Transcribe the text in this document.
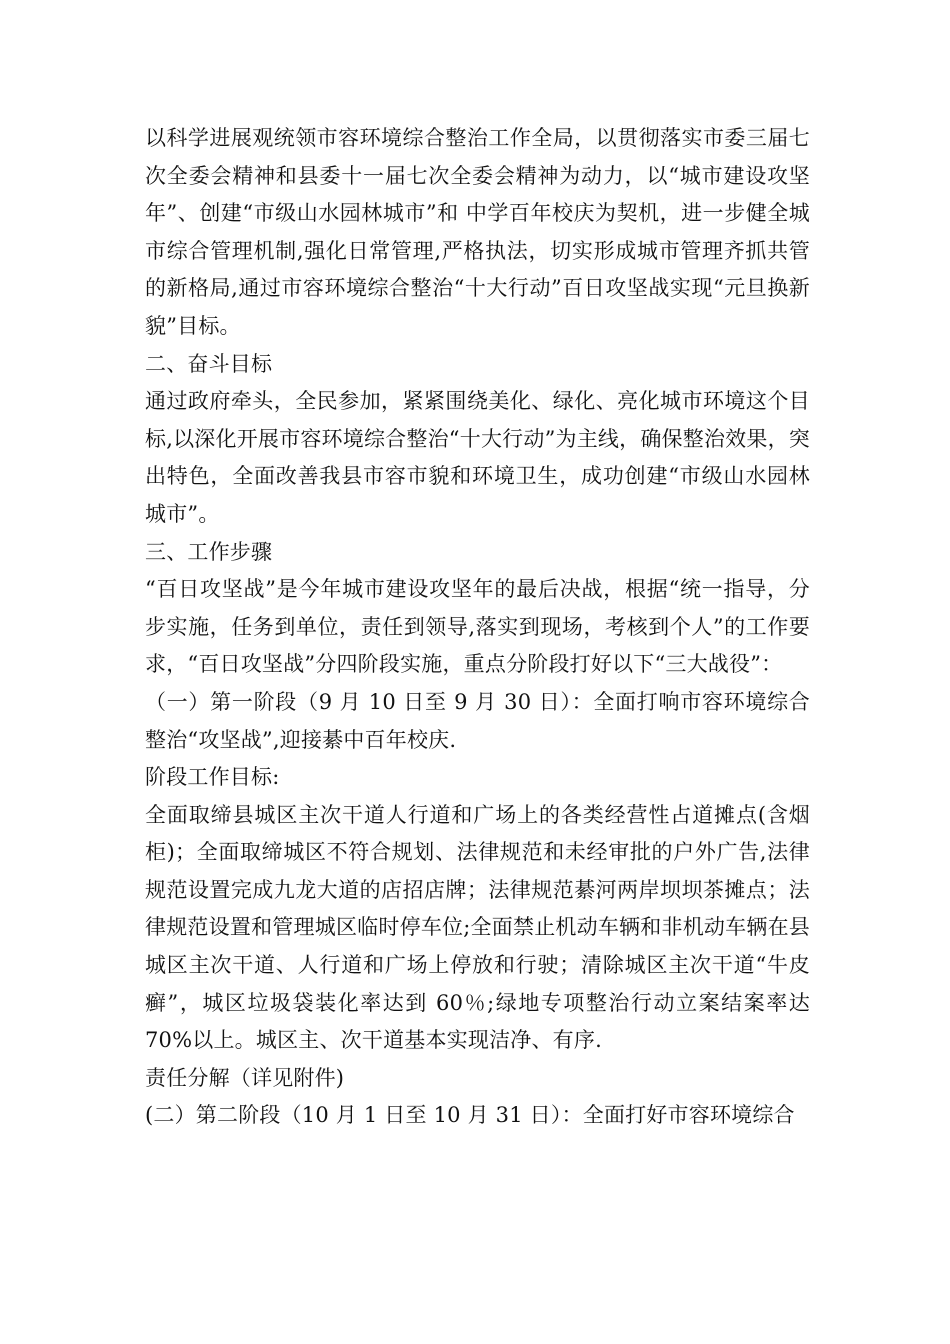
以科学进展观统领市容环境综合整治工作全局，以贯彻落实市委三届七次全委会精神和县委十一届七次全委会精神为动力，以“城市建设攻坚年”、创建“市级山水园林城市”和 中学百年校庆为契机，进一步健全城市综合管理机制,强化日常管理,严格执法，切实形成城市管理齐抓共管的新格局,通过市容环境综合整治“十大行动”百日攻坚战实现“元旦换新貌”目标。

二、奋斗目标

通过政府牵头，全民参加，紧紧围绕美化、绿化、亮化城市环境这个目标,以深化开展市容环境综合整治“十大行动”为主线，确保整治效果，突出特色，全面改善我县市容市貌和环境卫生，成功创建“市级山水园林城市”。

三、工作步骤

“百日攻坚战”是今年城市建设攻坚年的最后决战，根据“统一指导，分步实施，任务到单位，责任到领导,落实到现场，考核到个人”的工作要求，“百日攻坚战”分四阶段实施，重点分阶段打好以下“三大战役”：

（一）第一阶段（9 月 10 日至 9 月 30 日）：全面打响市容环境综合整治“攻坚战”,迎接綦中百年校庆.

阶段工作目标:

全面取缔县城区主次干道人行道和广场上的各类经营性占道摊点(含烟柜)；全面取缔城区不符合规划、法律规范和未经审批的户外广告,法律规范设置完成九龙大道的店招店牌；法律规范綦河两岸坝坝茶摊点；法律规范设置和管理城区临时停车位;全面禁止机动车辆和非机动车辆在县城区主次干道、人行道和广场上停放和行驶；清除城区主次干道“牛皮癣”，城区垃圾袋装化率达到 60％;绿地专项整治行动立案结案率达 70%以上。城区主、次干道基本实现洁净、有序.

责任分解（详见附件)

(二）第二阶段（10 月 1 日至 10 月 31 日）：全面打好市容环境综合
